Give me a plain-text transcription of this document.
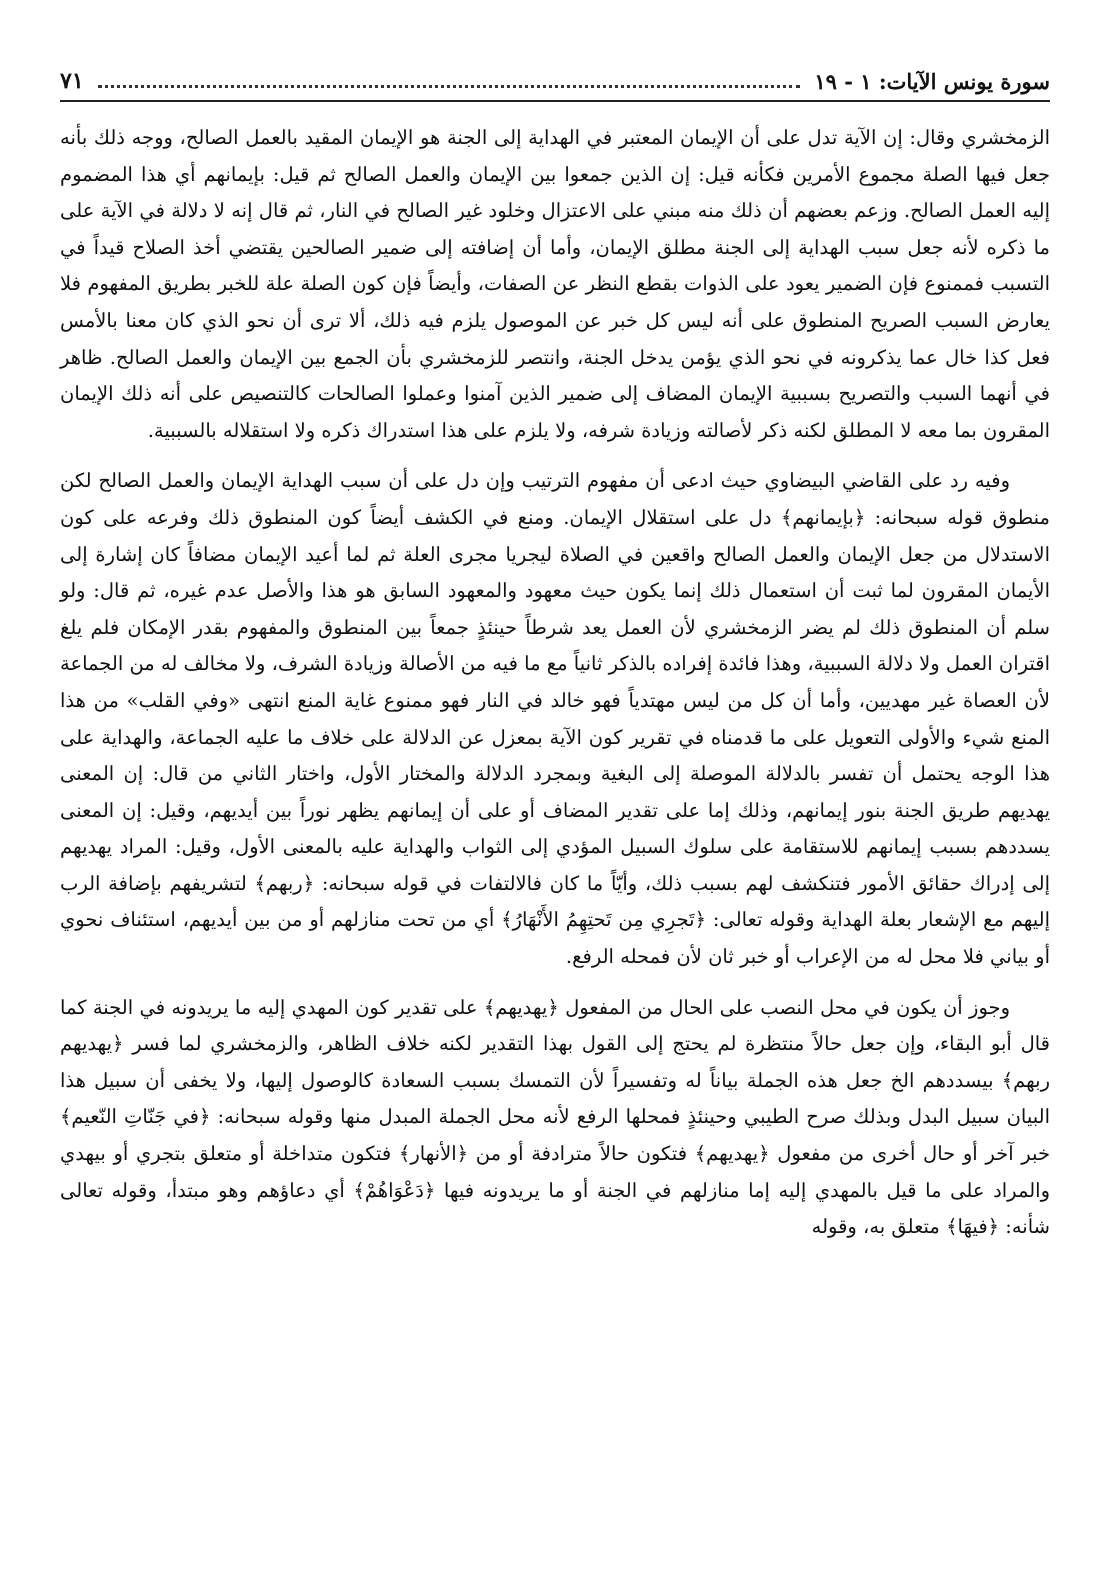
سورة يونس الآيات: ١ - ١٩
٧١

الزمخشري وقال: إن الآية تدل على أن الإيمان المعتبر في الهداية إلى الجنة هو الإيمان المقيد بالعمل الصالح، ووجه ذلك بأنه جعل فيها الصلة مجموع الأمرين فكأنه قيل: إن الذين جمعوا بين الإيمان والعمل الصالح ثم قيل: بإيمانهم أي هذا المضموم إليه العمل الصالح. وزعم بعضهم أن ذلك منه مبني على الاعتزال وخلود غير الصالح في النار، ثم قال إنه لا دلالة في الآية على ما ذكره لأنه جعل سبب الهداية إلى الجنة مطلق الإيمان، وأما أن إضافته إلى ضمير الصالحين يقتضي أخذ الصلاح قيداً في التسبب فممنوع فإن الضمير يعود على الذوات بقطع النظر عن الصفات، وأيضاً فإن كون الصلة علة للخبر بطريق المفهوم فلا يعارض السبب الصريح المنطوق على أنه ليس كل خبر عن الموصول يلزم فيه ذلك، ألا ترى أن نحو الذي كان معنا بالأمس فعل كذا خال عما يذكرونه في نحو الذي يؤمن يدخل الجنة، وانتصر للزمخشري بأن الجمع بين الإيمان والعمل الصالح. ظاهر في أنهما السبب والتصريح بسببية الإيمان المضاف إلى ضمير الذين آمنوا وعملوا الصالحات كالتنصيص على أنه ذلك الإيمان المقرون بما معه لا المطلق لكنه ذكر لأصالته وزيادة شرفه، ولا يلزم على هذا استدراك ذكره ولا استقلاله بالسببية.

وفيه رد على القاضي البيضاوي حيث ادعى أن مفهوم الترتيب وإن دل على أن سبب الهداية الإيمان والعمل الصالح لكن منطوق قوله سبحانه: ﴿بإيمانهم﴾ دل على استقلال الإيمان. ومنع في الكشف أيضاً كون المنطوق ذلك وفرعه على كون الاستدلال من جعل الإيمان والعمل الصالح واقعين في الصلاة ليجريا مجرى العلة ثم لما أعيد الإيمان مضافاً كان إشارة إلى الأيمان المقرون لما ثبت أن استعمال ذلك إنما يكون حيث معهود والمعهود السابق هو هذا والأصل عدم غيره، ثم قال: ولو سلم أن المنطوق ذلك لم يضر الزمخشري لأن العمل يعد شرطاً حينئذٍ جمعاً بين المنطوق والمفهوم بقدر الإمكان فلم يلغ اقتران العمل ولا دلالة السببية، وهذا فائدة إفراده بالذكر ثانياً مع ما فيه من الأصالة وزيادة الشرف، ولا مخالف له من الجماعة لأن العصاة غير مهديين، وأما أن كل من ليس مهتدياً فهو خالد في النار فهو ممنوع غاية المنع انتهى «وفي القلب» من هذا المنع شيء والأولى التعويل على ما قدمناه في تقرير كون الآية بمعزل عن الدلالة على خلاف ما عليه الجماعة، والهداية على هذا الوجه يحتمل أن تفسر بالدلالة الموصلة إلى البغية وبمجرد الدلالة والمختار الأول، واختار الثاني من قال: إن المعنى يهديهم طريق الجنة بنور إيمانهم، وذلك إما على تقدير المضاف أو على أن إيمانهم يظهر نوراً بين أيديهم، وقيل: إن المعنى يسددهم بسبب إيمانهم للاستقامة على سلوك السبيل المؤدي إلى الثواب والهداية عليه بالمعنى الأول، وقيل: المراد يهديهم إلى إدراك حقائق الأمور فتنكشف لهم بسبب ذلك، وأيّاً ما كان فالالتفات في قوله سبحانه: ﴿ربهم﴾ لتشريفهم بإضافة الرب إليهم مع الإشعار بعلة الهداية وقوله تعالى: ﴿تَجرِي مِن تَحتِهِمُ الأَنْهَارُ﴾ أي من تحت منازلهم أو من بين أيديهم، استئناف نحوي أو بياني فلا محل له من الإعراب أو خبر ثان لأن فمحله الرفع.

وجوز أن يكون في محل النصب على الحال من المفعول ﴿يهديهم﴾ على تقدير كون المهدي إليه ما يريدونه في الجنة كما قال أبو البقاء، وإن جعل حالاً منتظرة لم يحتج إلى القول بهذا التقدير لكنه خلاف الظاهر، والزمخشري لما فسر ﴿يهديهم ربهم﴾ بيسددهم الخ جعل هذه الجملة بياناً له وتفسيراً لأن التمسك بسبب السعادة كالوصول إليها، ولا يخفى أن سبيل هذا البيان سبيل البدل وبذلك صرح الطيبي وحينئذٍ فمحلها الرفع لأنه محل الجملة المبدل منها وقوله سبحانه: ﴿في جَنّاتِ النّعيم﴾ خبر آخر أو حال أخرى من مفعول ﴿يهديهم﴾ فتكون حالاً مترادفة أو من ﴿الأنهار﴾ فتكون متداخلة أو متعلق بتجري أو بيهدي والمراد على ما قيل بالمهدي إليه إما منازلهم في الجنة أو ما يريدونه فيها ﴿دَعْوَاهُمْ﴾ أي دعاؤهم وهو مبتدأ، وقوله تعالى شأنه: ﴿فيهَا﴾ متعلق به، وقوله
